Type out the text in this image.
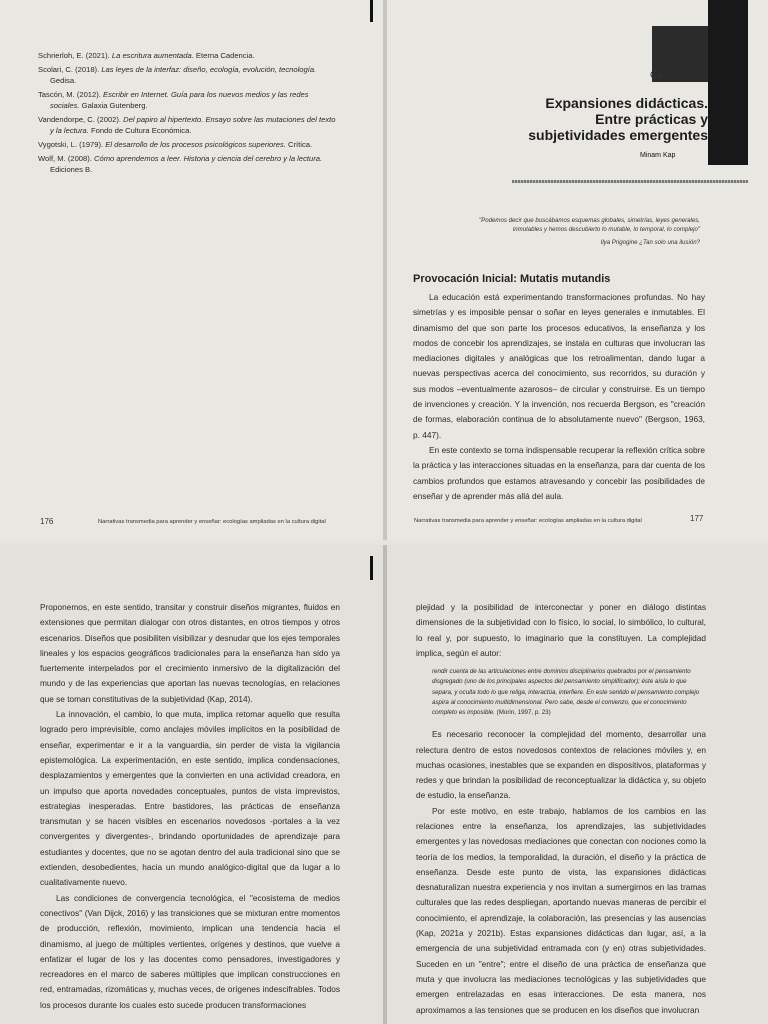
Schrierloh, E. (2021). La escritura aumentada. Eterna Cadencia.

Scolari, C. (2018). Las leyes de la interfaz: diseño, ecología, evolución, tecnología. Gedisa.

Tascón, M. (2012). Escribir en Internet. Guía para los nuevos medios y las redes sociales. Galaxia Gutenberg.

Vandendorpe, C. (2002). Del papiro al hipertexto. Ensayo sobre las mutaciones del texto y la lectura. Fondo de Cultura Económica.

Vygotski, L. (1979). El desarrollo de los procesos psicológicos superiores. Crítica.

Wolf, M. (2008). Cómo aprendemos a leer. Historia y ciencia del cerebro y la lectura. Ediciones B.

176	Narrativas transmedia para aprender y enseñar: ecologías ampliadas en la cultura digital
Ca
Expansiones didácticas.
Entre prácticas y
subjetividades emergentes
Minam Kap
"Podemos decir que buscábamos esquemas globales, simetrías, leyes generales, inmutables y hemos descubierto lo mutable, lo temporal, lo complejo"
Ilya Prigogine ¿Tan solo una ilusión?
Provocación Inicial: Mutatis mutandis

La educación está experimentando transformaciones profundas. No hay simetrías y es imposible pensar o soñar en leyes generales e inmutables. El dinamismo del que son parte los procesos educativos, la enseñanza y los modos de concebir los aprendizajes, se instala en culturas que involucran las mediaciones digitales y analógicas que los retroalimentan, dando lugar a nuevas perspectivas acerca del conocimiento, sus recorridos, su duración y sus modos –eventualmente azarosos– de circular y construirse. Es un tiempo de invenciones y creación. Y la invención, nos recuerda Bergson, es "creación de formas, elaboración continua de lo absolutamente nuevo" (Bergson, 1963, p. 447).

En este contexto se torna indispensable recuperar la reflexión crítica sobre la práctica y las interacciones situadas en la enseñanza, para dar cuenta de los cambios profundos que estamos atravesando y concebir las posibilidades de enseñar y de aprender más allá del aula.

Narrativas transmedia para aprender y enseñar: ecologías ampliadas en la cultura digital	177

Proponemos, en este sentido, transitar y construir diseños migrantes, fluidos en extensiones que permitan dialogar con otros distantes, en otros tiempos y otros escenarios. Diseños que posibiliten visibilizar y desnudar que los ejes temporales lineales y los espacios geográficos tradicionales para la enseñanza han sido ya fuertemente interpelados por el crecimiento inmersivo de la digitalización del mundo y de las experiencias que aportan las nuevas tecnologías, en relaciones que se toman constitutivas de la subjetividad (Kap, 2014).

La innovación, el cambio, lo que muta, implica retomar aquello que resulta logrado pero imprevisible, como anclajes móviles implícitos en la posibilidad de enseñar, experimentar e ir a la vanguardia, sin perder de vista la vigilancia epistemológica. La experimentación, en este sentido, implica condensaciones, desplazamientos y emergentes que la convierten en una actividad creadora, en un impulso que aporta novedades conceptuales, puntos de vista imprevistos, estrategias inesperadas. Entre bastidores, las prácticas de enseñanza transmutan y se hacen visibles en escenarios novedosos -portales a la vez convergentes y divergentes-, brindando oportunidades de aprendizaje para estudiantes y docentes, que no se agotan dentro del aula tradicional sino que se extienden, desobedientes, hacia un mundo analógico-digital que da lugar a lo cualitativamente nuevo.

Las condiciones de convergencia tecnológica, el "ecosistema de medios conectivos" (Van Dijck, 2016) y las transiciones que se mixturan entre momentos de producción, reflexión, movimiento, implican una tendencia hacia el dinamismo, al juego de múltiples vertientes, orígenes y destinos, que vuelve a enfatizar el lugar de los y las docentes como pensadores, investigadores y recreadores en el marco de saberes múltiples que implican construcciones en red, entramadas, rizomáticas y, muchas veces, de orígenes indescifrables. Todos los procesos durante los cuales esto sucede producen transformaciones

plejidad y la posibilidad de interconectar y poner en diálogo distintas dimensiones de la subjetividad con lo físico, lo social, lo simbólico, lo cultural, lo real y, por supuesto, lo imaginario que la constituyen. La complejidad implica, según el autor:

rendir cuenta de las articulaciones entre dominios disciplinarios quebrados por el pensamiento disgregado (uno de los principales aspectos del pensamiento simplificador); éste aísla lo que separa, y oculta todo lo que religa, interactúa, interfiere. En este sentido el pensamiento complejo aspira al conocimiento multidimensional. Pero sabe, desde el comienzo, que el conocimiento completo es imposible. (Morin, 1997, p. 23)

Es necesario reconocer la complejidad del momento, desarrollar una relectura dentro de estos novedosos contextos de relaciones móviles y, en muchas ocasiones, inestables que se expanden en dispositivos, plataformas y redes y que brindan la posibilidad de reconceptualizar la didáctica y, su objeto de estudio, la enseñanza.

Por este motivo, en este trabajo, hablamos de los cambios en las relaciones entre la enseñanza, los aprendizajes, las subjetividades emergentes y las novedosas mediaciones que conectan con nociones como la teoría de los medios, la temporalidad, la duración, el diseño y la práctica de enseñanza. Desde este punto de vista, las expansiones didácticas desnaturalizan nuestra experiencia y nos invitan a sumergirnos en las tramas culturales que las redes despliegan, aportando nuevas maneras de percibir el conocimiento, el aprendizaje, la colaboración, las presencias y las ausencias (Kap, 2021a y 2021b). Estas expansiones didácticas dan lugar, así, a la emergencia de una subjetividad entramada con (y en) otras subjetividades. Suceden en un "entre"; entre el diseño de una práctica de enseñanza que muta y que involucra las mediaciones tecnológicas y las subjetividades que emergen entrelazadas en esas interacciones. De esta manera, nos aproximamos a las tensiones que se producen en los diseños que involucran
